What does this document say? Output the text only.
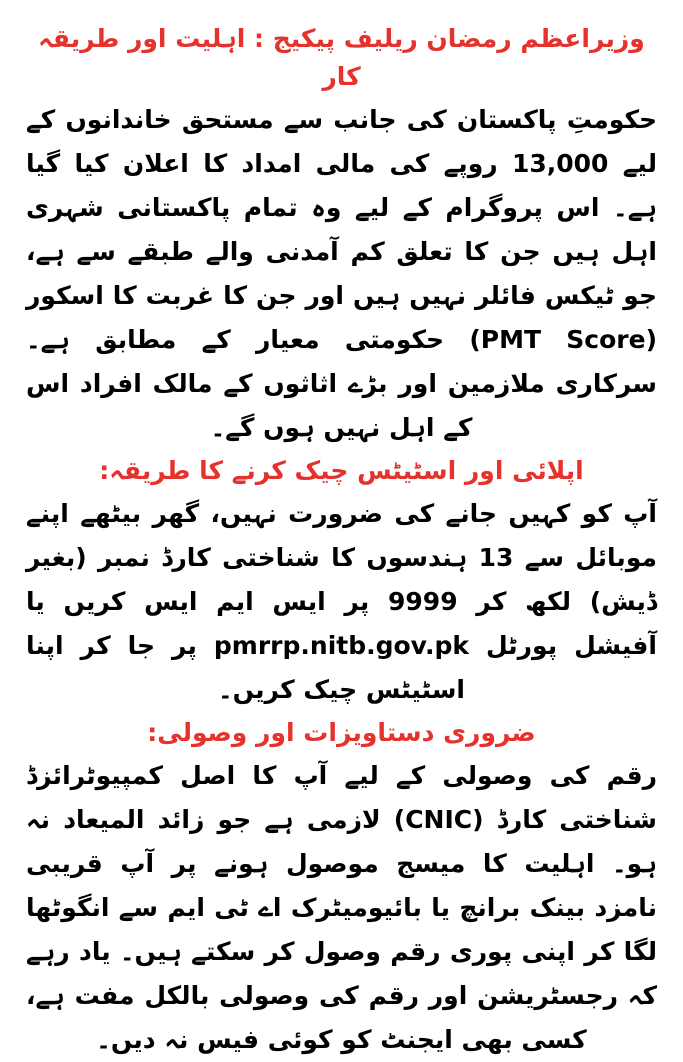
وزیراعظم رمضان ریلیف پیکیج : اہلیت اور طریقہ کار
حکومتِ پاکستان کی جانب سے مستحق خاندانوں کے لیے 13,000 روپے کی مالی امداد کا اعلان کیا گیا ہے۔ اس پروگرام کے لیے وہ تمام پاکستانی شہری اہل ہیں جن کا تعلق کم آمدنی والے طبقے سے ہے، جو ٹیکس فائلر نہیں ہیں اور جن کا غربت کا اسکور (PMT Score) حکومتی معیار کے مطابق ہے۔ سرکاری ملازمین اور بڑے اثاثوں کے مالک افراد اس کے اہل نہیں ہوں گے۔
اپلائی اور اسٹیٹس چیک کرنے کا طریقہ:
آپ کو کہیں جانے کی ضرورت نہیں، گھر بیٹھے اپنے موبائل سے 13 ہندسوں کا شناختی کارڈ نمبر (بغیر ڈیش) لکھ کر 9999 پر ایس ایم ایس کریں یا آفیشل پورٹل pmrrp.nitb.gov.pk پر جا کر اپنا اسٹیٹس چیک کریں۔
ضروری دستاویزات اور وصولی:
رقم کی وصولی کے لیے آپ کا اصل کمپیوٹرائزڈ شناختی کارڈ (CNIC) لازمی ہے جو زائد المیعاد نہ ہو۔ اہلیت کا میسج موصول ہونے پر آپ قریبی نامزد بینک برانچ یا بائیومیٹرک اے ٹی ایم سے انگوٹھا لگا کر اپنی پوری رقم وصول کر سکتے ہیں۔ یاد رہے کہ رجسٹریشن اور رقم کی وصولی بالکل مفت ہے، کسی بھی ایجنٹ کو کوئی فیس نہ دیں۔
